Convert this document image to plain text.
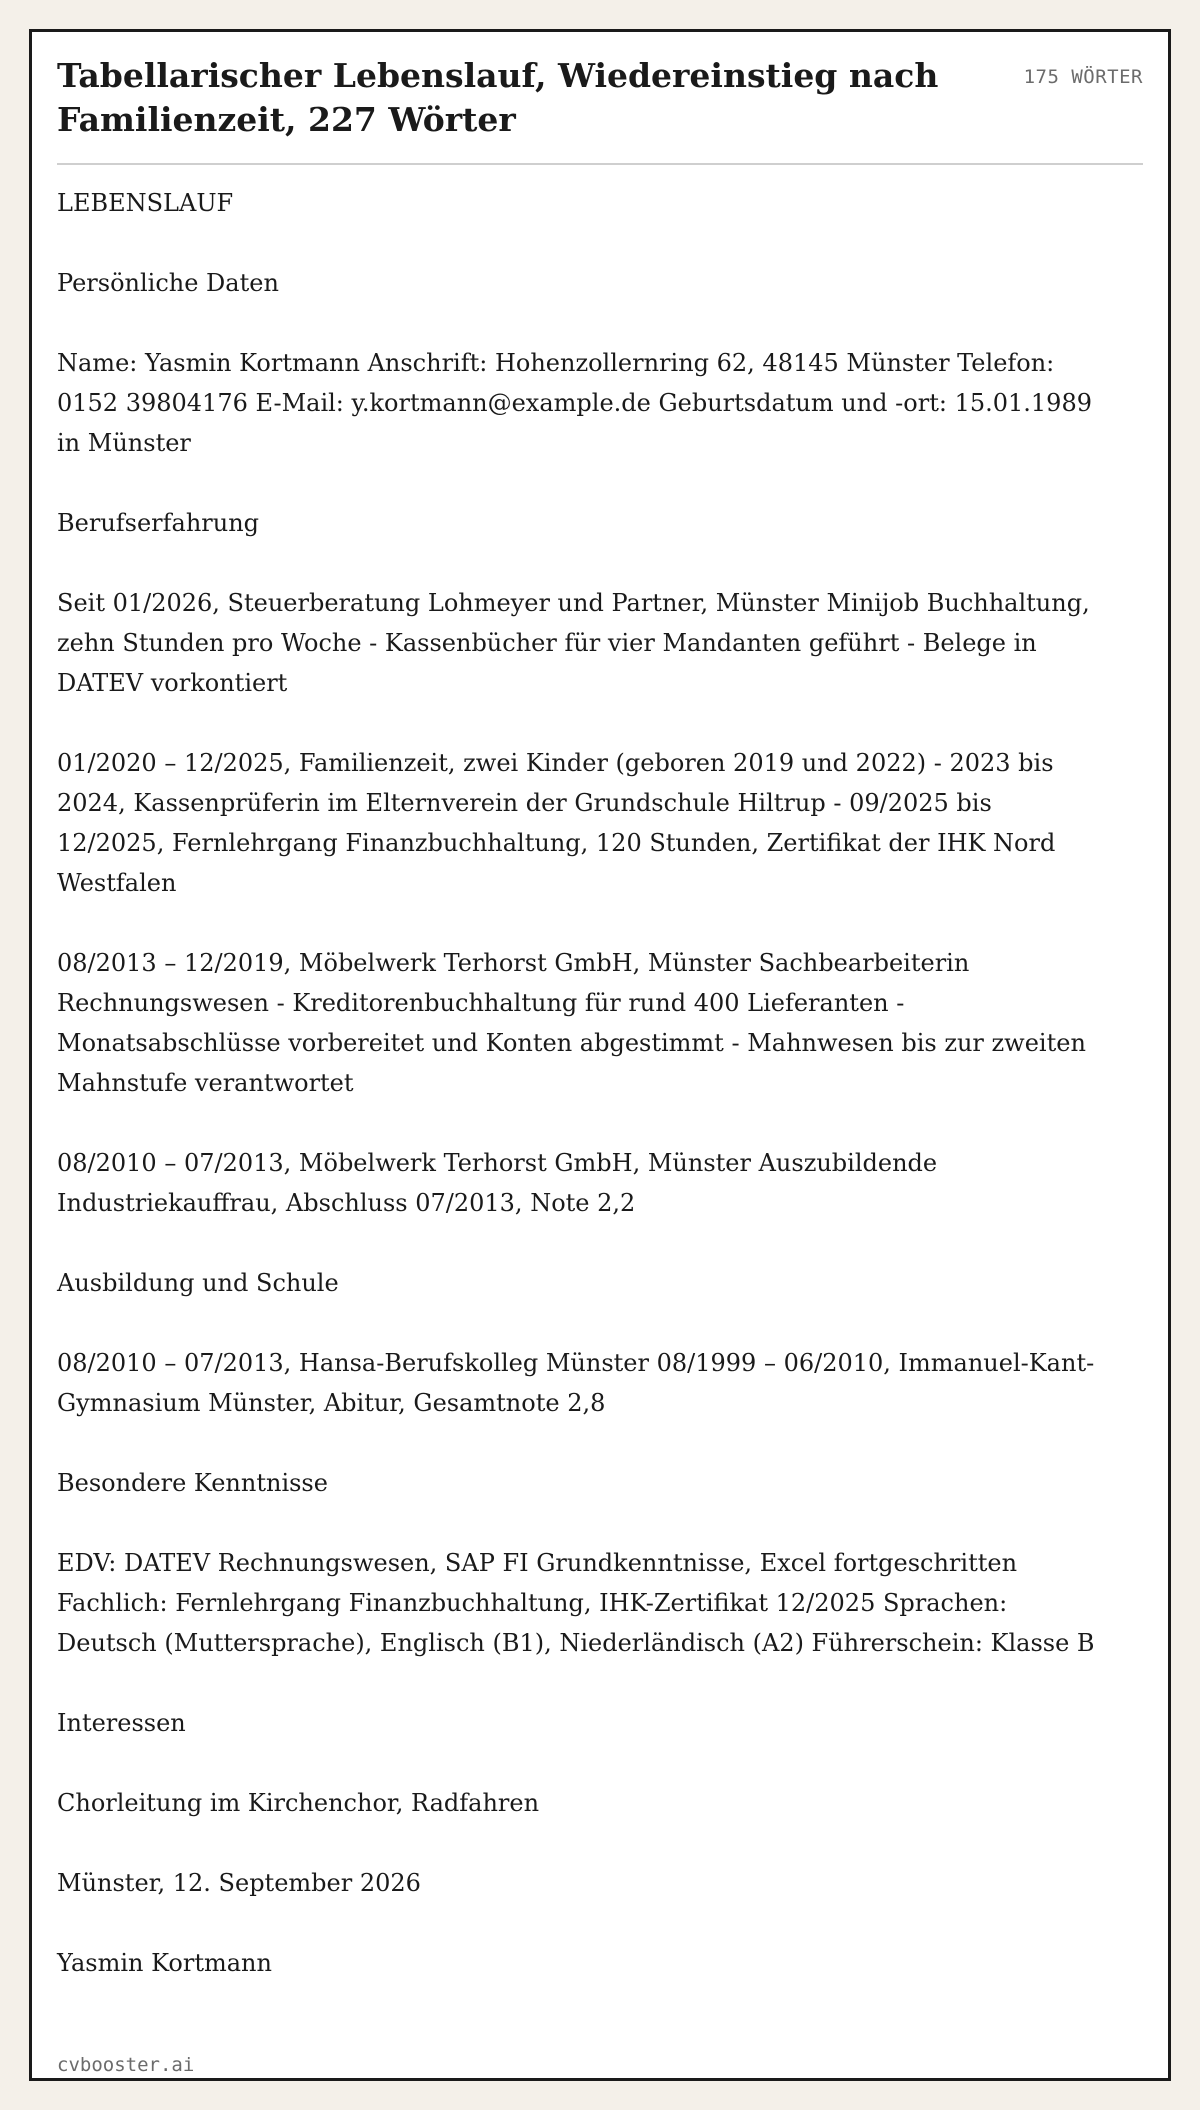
Tabellarischer Lebenslauf, Wiedereinstieg nach Familienzeit, 227 Wörter
175 WÖRTER

LEBENSLAUF

Persönliche Daten

Name: Yasmin Kortmann Anschrift: Hohenzollernring 62, 48145 Münster Telefon: 0152 39804176 E-Mail: y.kortmann@example.de Geburtsdatum und -ort: 15.01.1989 in Münster

Berufserfahrung

Seit 01/2026, Steuerberatung Lohmeyer und Partner, Münster Minijob Buchhaltung, zehn Stunden pro Woche - Kassenbücher für vier Mandanten geführt - Belege in DATEV vorkontiert

01/2020 – 12/2025, Familienzeit, zwei Kinder (geboren 2019 und 2022) - 2023 bis 2024, Kassenprüferin im Elternverein der Grundschule Hiltrup - 09/2025 bis 12/2025, Fernlehrgang Finanzbuchhaltung, 120 Stunden, Zertifikat der IHK Nord Westfalen

08/2013 – 12/2019, Möbelwerk Terhorst GmbH, Münster Sachbearbeiterin Rechnungswesen - Kreditorenbuchhaltung für rund 400 Lieferanten - Monatsabschlüsse vorbereitet und Konten abgestimmt - Mahnwesen bis zur zweiten Mahnstufe verantwortet

08/2010 – 07/2013, Möbelwerk Terhorst GmbH, Münster Auszubildende Industriekauffrau, Abschluss 07/2013, Note 2,2

Ausbildung und Schule

08/2010 – 07/2013, Hansa-Berufskolleg Münster 08/1999 – 06/2010, Immanuel-Kant-Gymnasium Münster, Abitur, Gesamtnote 2,8

Besondere Kenntnisse

EDV: DATEV Rechnungswesen, SAP FI Grundkenntnisse, Excel fortgeschritten Fachlich: Fernlehrgang Finanzbuchhaltung, IHK-Zertifikat 12/2025 Sprachen: Deutsch (Muttersprache), Englisch (B1), Niederländisch (A2) Führerschein: Klasse B

Interessen

Chorleitung im Kirchenchor, Radfahren

Münster, 12. September 2026

Yasmin Kortmann

cvbooster.ai
